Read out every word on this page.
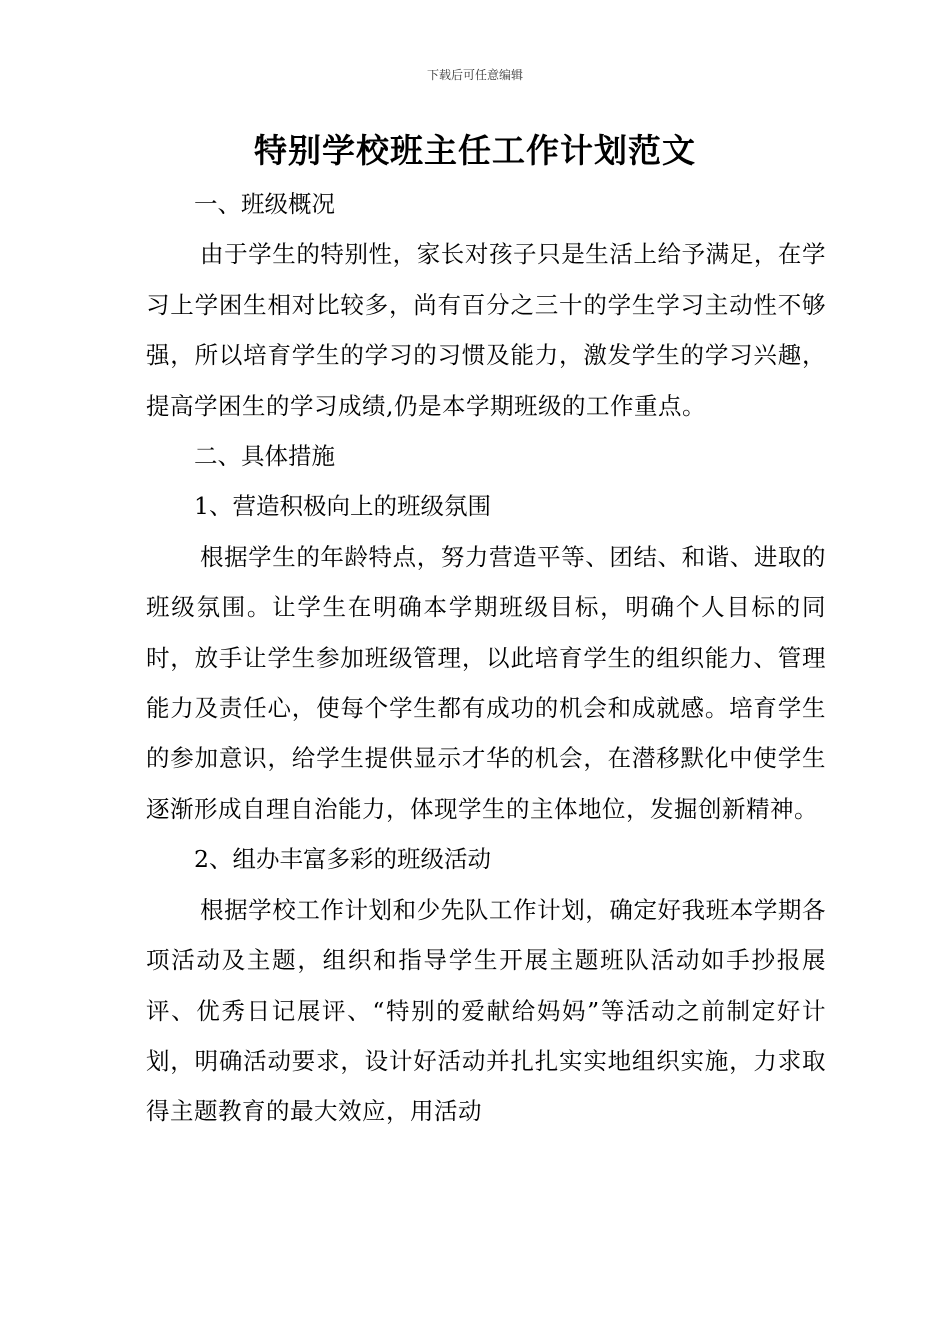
下载后可任意编辑
特别学校班主任工作计划范文

一、班级概况

由于学生的特别性，家长对孩子只是生活上给予满足，在学习上学困生相对比较多，尚有百分之三十的学生学习主动性不够强，所以培育学生的学习的习惯及能力，激发学生的学习兴趣，提高学困生的学习成绩,仍是本学期班级的工作重点。

二、具体措施

1、营造积极向上的班级氛围

根据学生的年龄特点，努力营造平等、团结、和谐、进取的班级氛围。让学生在明确本学期班级目标，明确个人目标的同时，放手让学生参加班级管理，以此培育学生的组织能力、管理能力及责任心，使每个学生都有成功的机会和成就感。培育学生的参加意识，给学生提供显示才华的机会，在潜移默化中使学生逐渐形成自理自治能力，体现学生的主体地位，发掘创新精神。

2、组办丰富多彩的班级活动

根据学校工作计划和少先队工作计划，确定好我班本学期各项活动及主题，组织和指导学生开展主题班队活动如手抄报展评、优秀日记展评、“特别的爱献给妈妈”等活动之前制定好计划，明确活动要求，设计好活动并扎扎实实地组织实施，力求取得主题教育的最大效应，用活动
